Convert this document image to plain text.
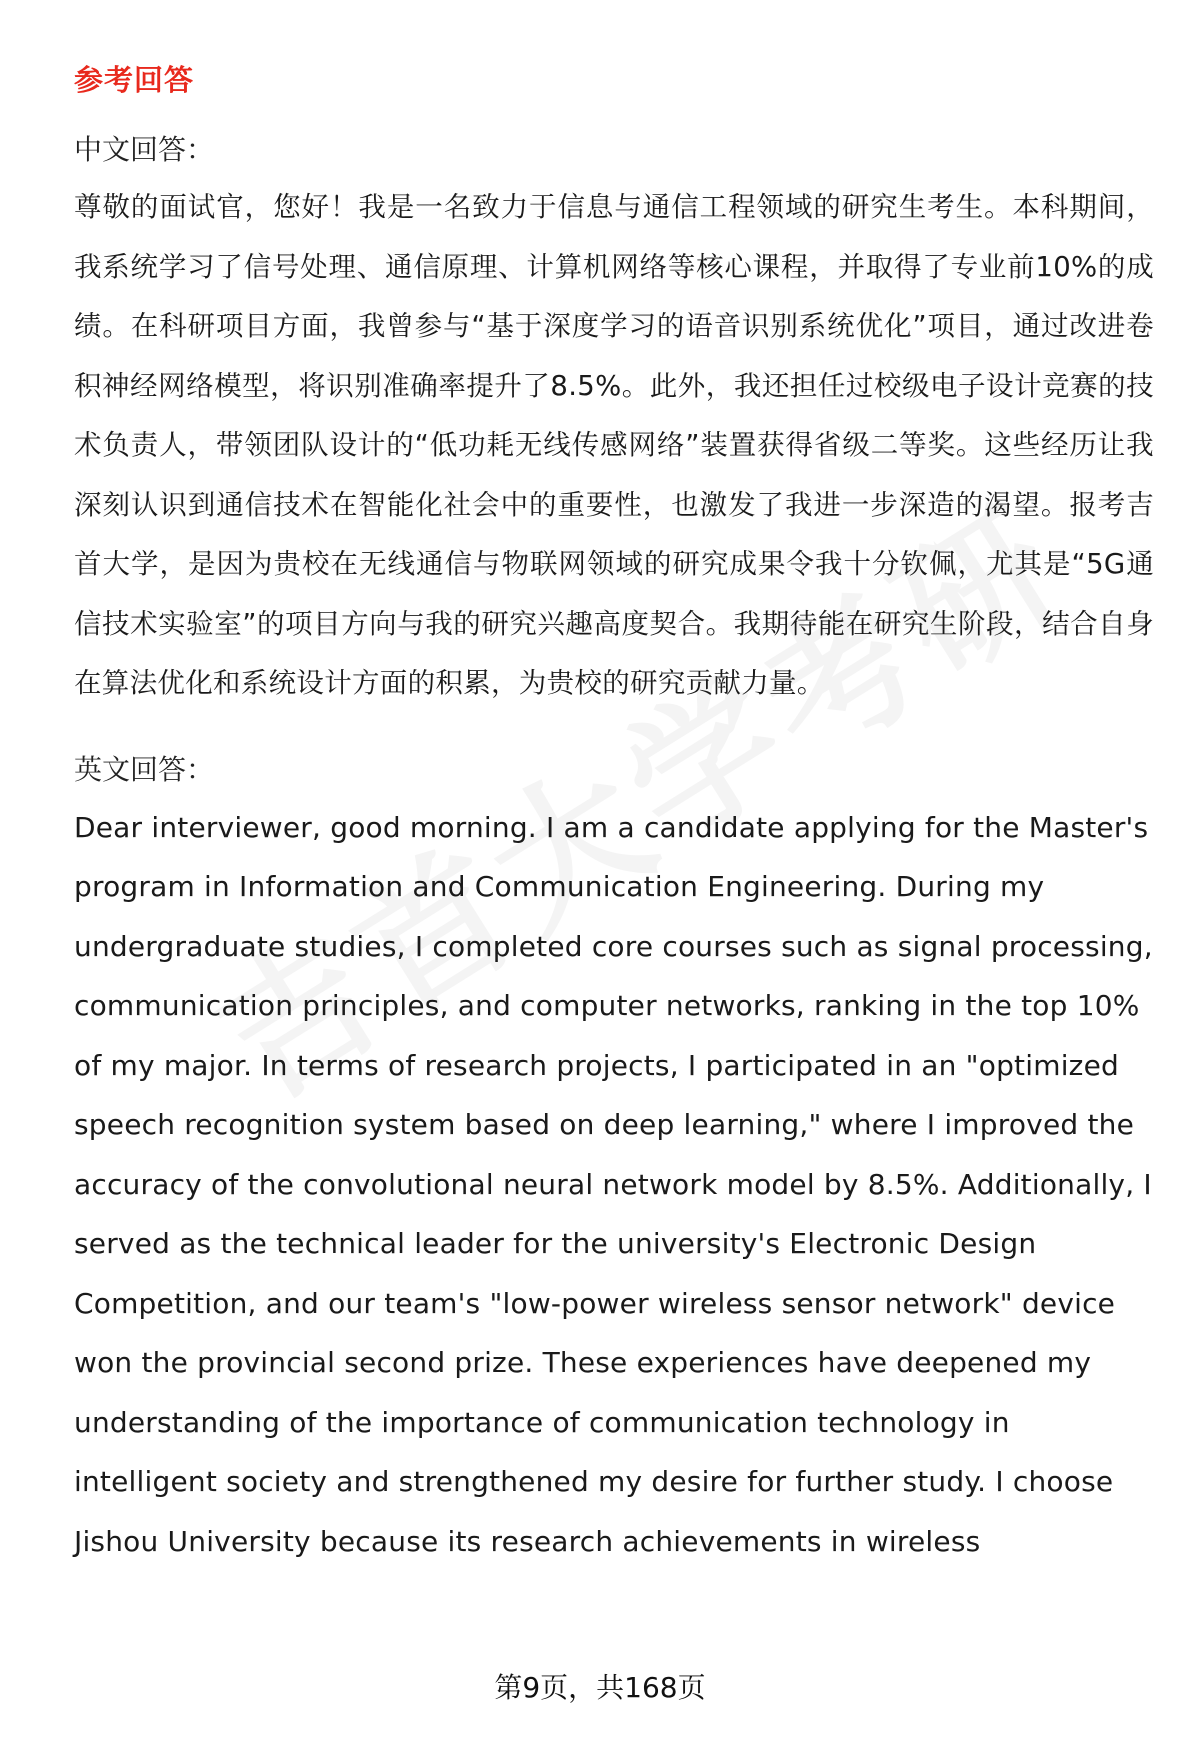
参考回答
中文回答：
尊敬的面试官，您好！我是一名致力于信息与通信工程领域的研究生考生。本科期间，我系统学习了信号处理、通信原理、计算机网络等核心课程，并取得了专业前10%的成绩。在科研项目方面，我曾参与“基于深度学习的语音识别系统优化”项目，通过改进卷积神经网络模型，将识别准确率提升了8.5%。此外，我还担任过校级电子设计竞赛的技术负责人，带领团队设计的“低功耗无线传感网络”装置获得省级二等奖。这些经历让我深刻认识到通信技术在智能化社会中的重要性，也激发了我进一步深造的渴望。报考吉首大学，是因为贵校在无线通信与物联网领域的研究成果令我十分钦佩，尤其是“5G通信技术实验室”的项目方向与我的研究兴趣高度契合。我期待能在研究生阶段，结合自身在算法优化和系统设计方面的积累，为贵校的研究贡献力量。
英文回答：
Dear interviewer, good morning. I am a candidate applying for the Master's
program in Information and Communication Engineering. During my
undergraduate studies, I completed core courses such as signal processing,
communication principles, and computer networks, ranking in the top 10%
of my major. In terms of research projects, I participated in an "optimized
speech recognition system based on deep learning," where I improved the
accuracy of the convolutional neural network model by 8.5%. Additionally, I
served as the technical leader for the university's Electronic Design
Competition, and our team's "low-power wireless sensor network" device
won the provincial second prize. These experiences have deepened my
understanding of the importance of communication technology in
intelligent society and strengthened my desire for further study. I choose
Jishou University because its research achievements in wireless
第9页，共168页
